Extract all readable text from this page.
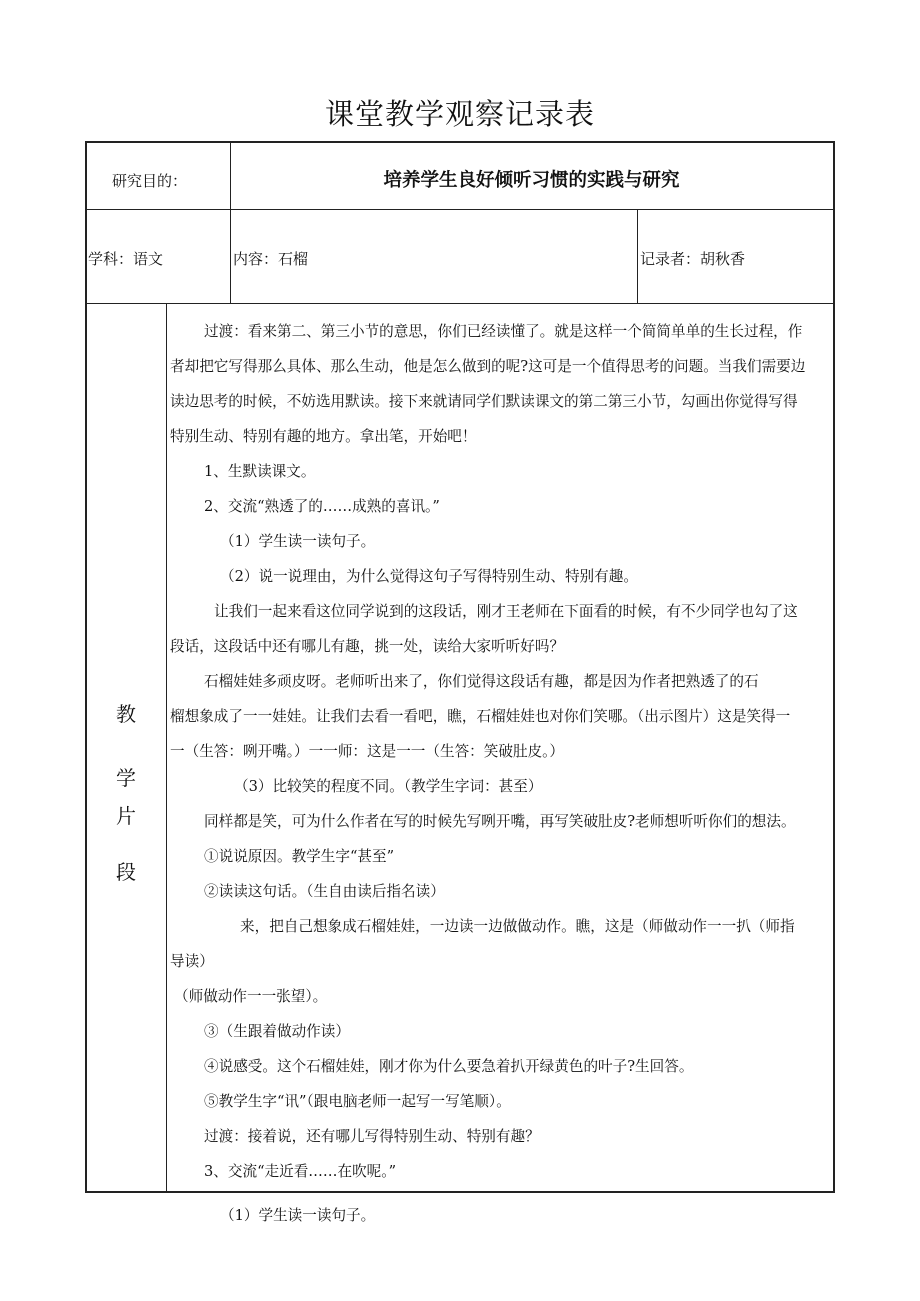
课堂教学观察记录表
研究目的：	培养学生良好倾听习惯的实践与研究
学科：语文	内容：石榴	记录者：胡秋香
教
学
片
段

过渡：看来第二、第三小节的意思，你们已经读懂了。就是这样一个简简单单的生长过程，作

者却把它写得那么具体、那么生动，他是怎么做到的呢?这可是一个值得思考的问题。当我们需要边

读边思考的时候，不妨选用默读。接下来就请同学们默读课文的第二第三小节，勾画出你觉得写得

特别生动、特别有趣的地方。拿出笔，开始吧！

1、生默读课文。

2、交流“熟透了的……成熟的喜讯。”

（1）学生读一读句子。

（2）说一说理由，为什么觉得这句子写得特别生动、特别有趣。

让我们一起来看这位同学说到的这段话，刚才王老师在下面看的时候，有不少同学也勾了这

段话，这段话中还有哪儿有趣，挑一处，读给大家听听好吗？

石榴娃娃多顽皮呀。老师听出来了，你们觉得这段话有趣，都是因为作者把熟透了的石

榴想象成了一一娃娃。让我们去看一看吧，瞧，石榴娃娃也对你们笑哪。（出示图片）这是笑得一

一（生答：咧开嘴。）一一师：这是一一（生答：笑破肚皮。）

（3）比较笑的程度不同。（教学生字词：甚至）

同样都是笑，可为什么作者在写的时候先写咧开嘴，再写笑破肚皮?老师想听听你们的想法。

①说说原因。教学生字“甚至”

②读读这句话。（生自由读后指名读）

来，把自己想象成石榴娃娃，一边读一边做做动作。瞧，这是（师做动作一一扒（师指

导读）

（师做动作一一张望）。

③（生跟着做动作读）

④说感受。这个石榴娃娃，刚才你为什么要急着扒开绿黄色的叶子?生回答。

⑤教学生字“讯”（跟电脑老师一起写一写笔顺）。

过渡：接着说，还有哪儿写得特别生动、特别有趣？

3、交流“走近看……在吹呢。”

（1）学生读一读句子。
